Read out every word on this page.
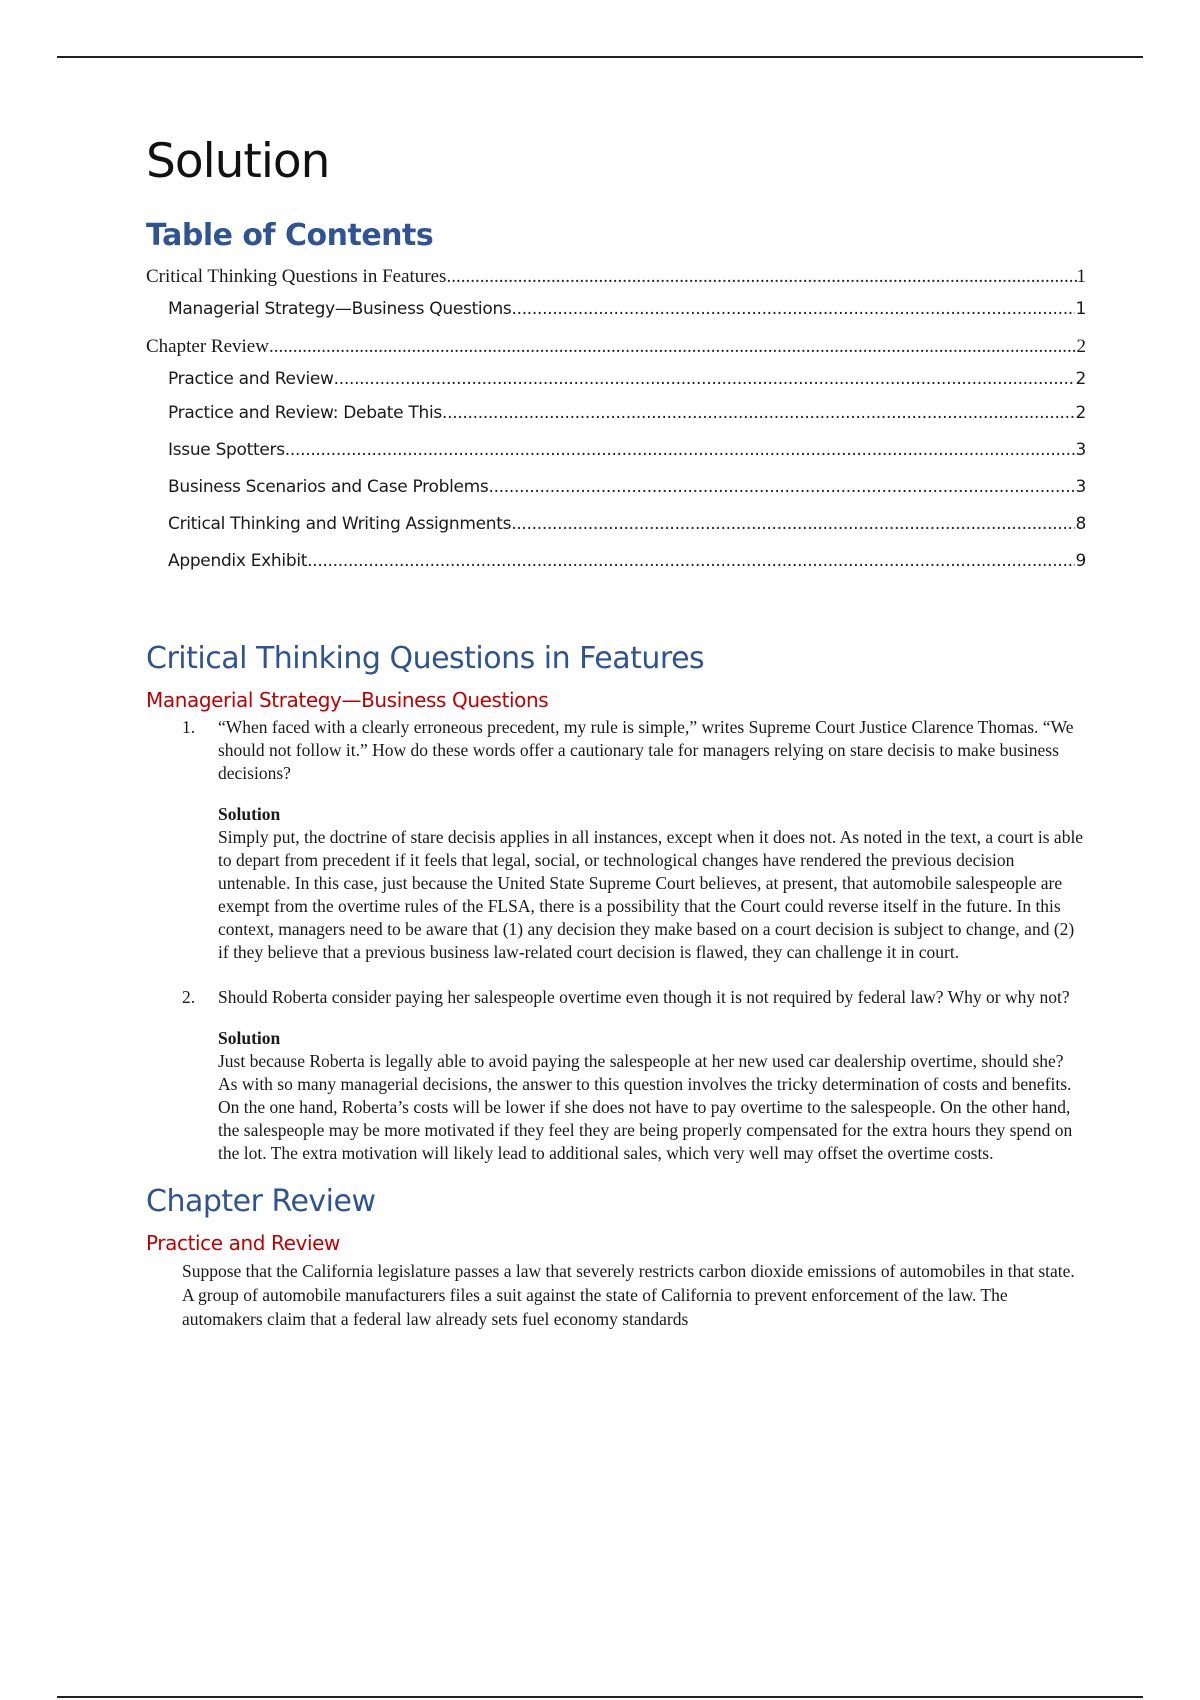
Solution
Table of Contents
Critical Thinking Questions in Features .....	1
Managerial Strategy—Business Questions .....	1
Chapter Review .....	2
Practice and Review .....	2
Practice and Review: Debate This .....	2
Issue Spotters .....	3
Business Scenarios and Case Problems .....	3
Critical Thinking and Writing Assignments .....	8
Appendix Exhibit .....	9
Critical Thinking Questions in Features
Managerial Strategy—Business Questions
1. “When faced with a clearly erroneous precedent, my rule is simple,” writes Supreme Court Justice Clarence Thomas. “We should not follow it.” How do these words offer a cautionary tale for managers relying on stare decisis to make business decisions?
Solution
Simply put, the doctrine of stare decisis applies in all instances, except when it does not. As noted in the text, a court is able to depart from precedent if it feels that legal, social, or technological changes have rendered the previous decision untenable. In this case, just because the United State Supreme Court believes, at present, that automobile salespeople are exempt from the overtime rules of the FLSA, there is a possibility that the Court could reverse itself in the future. In this context, managers need to be aware that (1) any decision they make based on a court decision is subject to change, and (2) if they believe that a previous business law-related court decision is flawed, they can challenge it in court.
2. Should Roberta consider paying her salespeople overtime even though it is not required by federal law? Why or why not?
Solution
Just because Roberta is legally able to avoid paying the salespeople at her new used car dealership overtime, should she? As with so many managerial decisions, the answer to this question involves the tricky determination of costs and benefits. On the one hand, Roberta’s costs will be lower if she does not have to pay overtime to the salespeople. On the other hand, the salespeople may be more motivated if they feel they are being properly compensated for the extra hours they spend on the lot. The extra motivation will likely lead to additional sales, which very well may offset the overtime costs.
Chapter Review
Practice and Review

Suppose that the California legislature passes a law that severely restricts carbon dioxide emissions of automobiles in that state. A group of automobile manufacturers files a suit against the state of California to prevent enforcement of the law. The automakers claim that a federal law already sets fuel economy standards
